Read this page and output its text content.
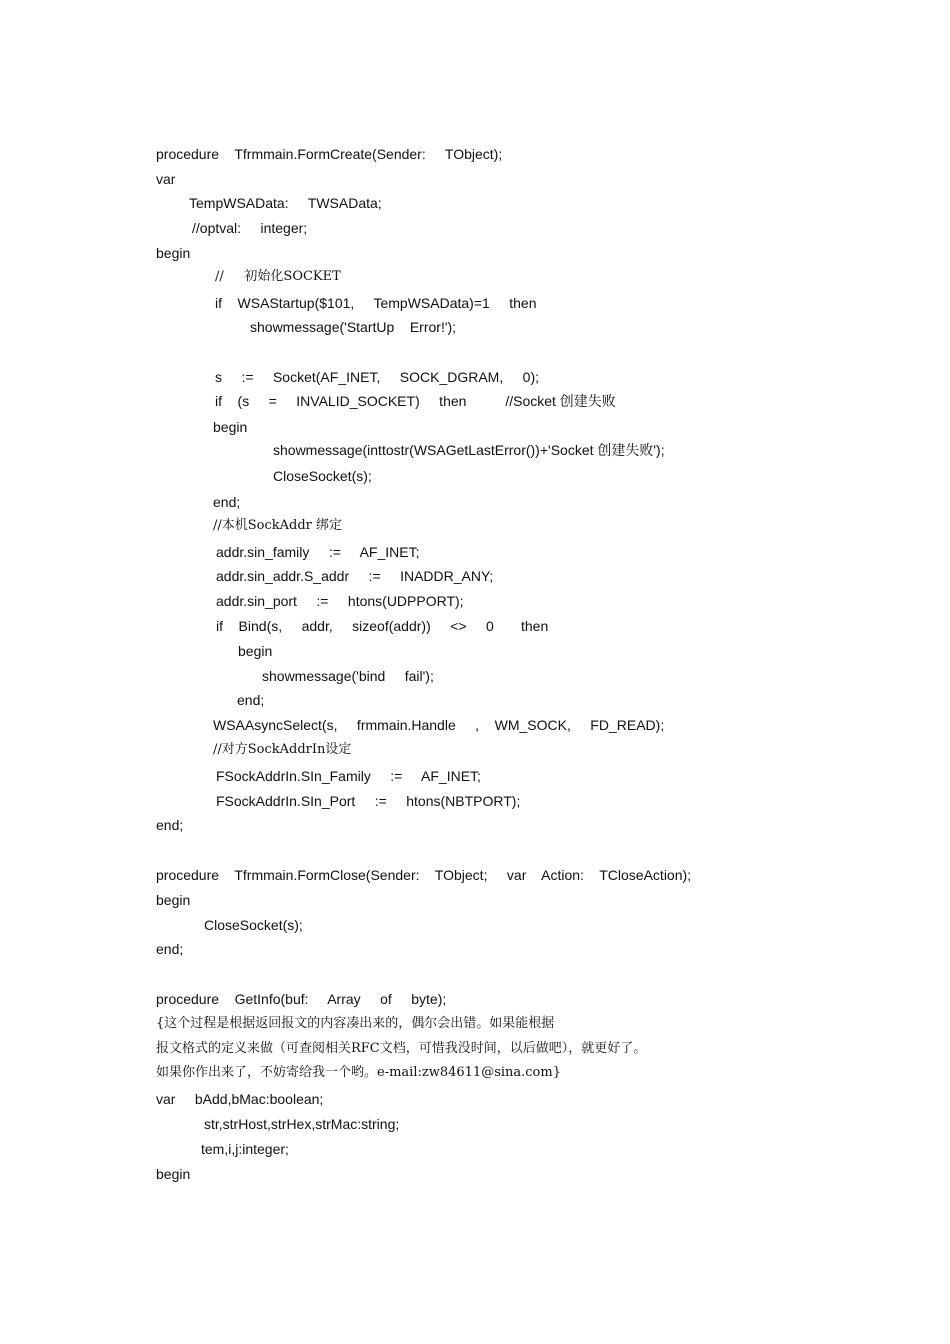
procedure    Tfrmmain.FormCreate(Sender:     TObject);
var
TempWSAData:     TWSAData;
//optval:     integer;
begin
//     初始化SOCKET
if    WSAStartup($101,     TempWSAData)=1     then
showmessage('StartUp    Error!');
s     :=     Socket(AF_INET,     SOCK_DGRAM,     0);
if    (s     =     INVALID_SOCKET)     then          //Socket 创建失败
begin
showmessage(inttostr(WSAGetLastError())+'Socket 创建失败');
CloseSocket(s);
end;
//本机SockAddr 绑定
addr.sin_family     :=     AF_INET;
addr.sin_addr.S_addr     :=     INADDR_ANY;
addr.sin_port     :=     htons(UDPPORT);
if    Bind(s,     addr,     sizeof(addr))     <>     0       then
begin
showmessage('bind     fail');
end;
WSAAsyncSelect(s,     frmmain.Handle     ,    WM_SOCK,     FD_READ);
//对方SockAddrIn设定
FSockAddrIn.SIn_Family     :=     AF_INET;
FSockAddrIn.SIn_Port     :=     htons(NBTPORT);
end;
procedure    Tfrmmain.FormClose(Sender:    TObject;     var    Action:    TCloseAction);
begin
CloseSocket(s);
end;
procedure    GetInfo(buf:     Array     of     byte);
{这个过程是根据返回报文的内容凑出来的，偶尔会出错。如果能根据
报文格式的定义来做（可查阅相关RFC文档，可惜我没时间，以后做吧），就更好了。
如果你作出来了，不妨寄给我一个哟。e-mail:zw84611@sina.com}
var     bAdd,bMac:boolean;
str,strHost,strHex,strMac:string;
tem,i,j:integer;
begin
